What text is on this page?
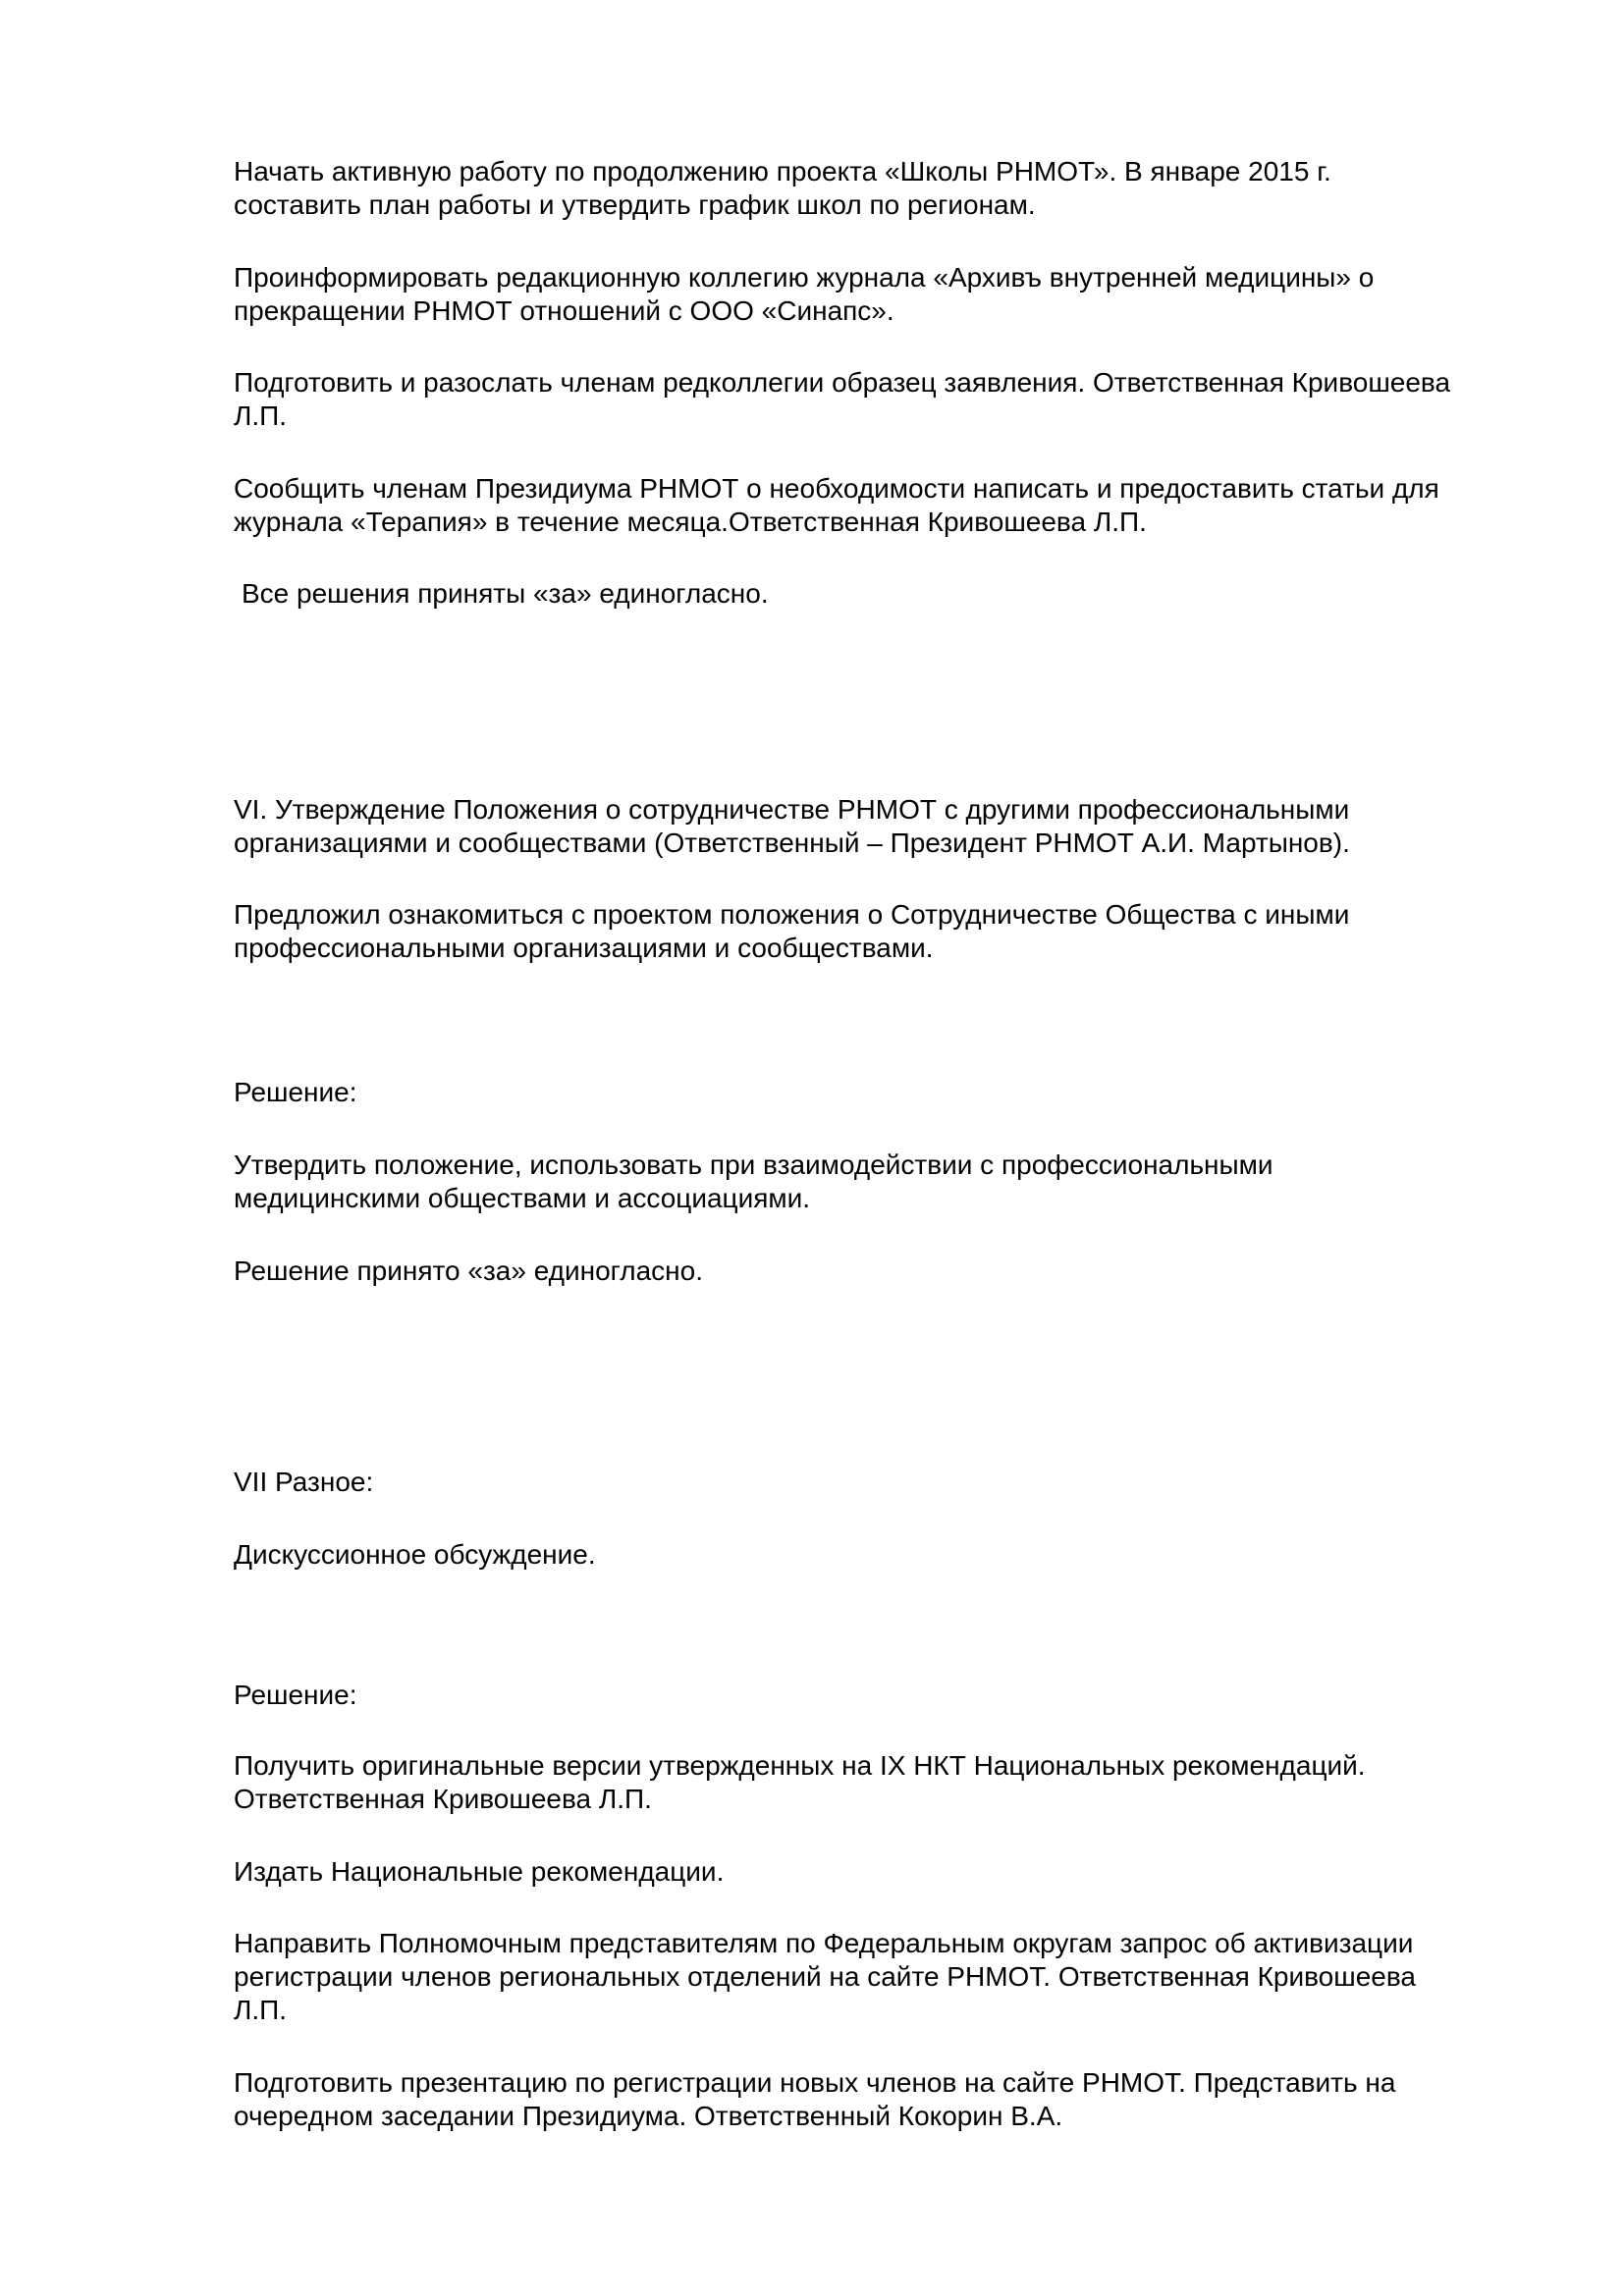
Начать активную работу по продолжению проекта «Школы РНМОТ». В январе 2015 г.
составить план работы и утвердить график школ по регионам.

Проинформировать редакционную коллегию журнала «Архивъ внутренней медицины» о
прекращении РНМОТ отношений с ООО «Синапс».

Подготовить и разослать членам редколлегии образец заявления. Ответственная Кривошеева
Л.П.

Сообщить членам Президиума РНМОТ о необходимости написать и предоставить статьи для
журнала «Терапия» в течение месяца.Ответственная Кривошеева Л.П.

Все решения приняты «за» единогласно.

VI. Утверждение Положения о сотрудничестве РНМОТ с другими профессиональными
организациями и сообществами (Ответственный – Президент РНМОТ А.И. Мартынов).

Предложил ознакомиться с проектом положения о Сотрудничестве Общества с иными
профессиональными организациями и сообществами.

Решение:

Утвердить положение, использовать при взаимодействии с профессиональными
медицинскими обществами и ассоциациями.

Решение принято «за» единогласно.

VII Разное:

Дискуссионное обсуждение.

Решение:

Получить оригинальные версии утвержденных на IX НКТ Национальных рекомендаций.
Ответственная Кривошеева Л.П.

Издать Национальные рекомендации.

Направить Полномочным представителям по Федеральным округам запрос об активизации
регистрации членов региональных отделений на сайте РНМОТ. Ответственная Кривошеева
Л.П.

Подготовить презентацию по регистрации новых членов на сайте РНМОТ. Представить на
очередном заседании Президиума. Ответственный Кокорин В.А.
